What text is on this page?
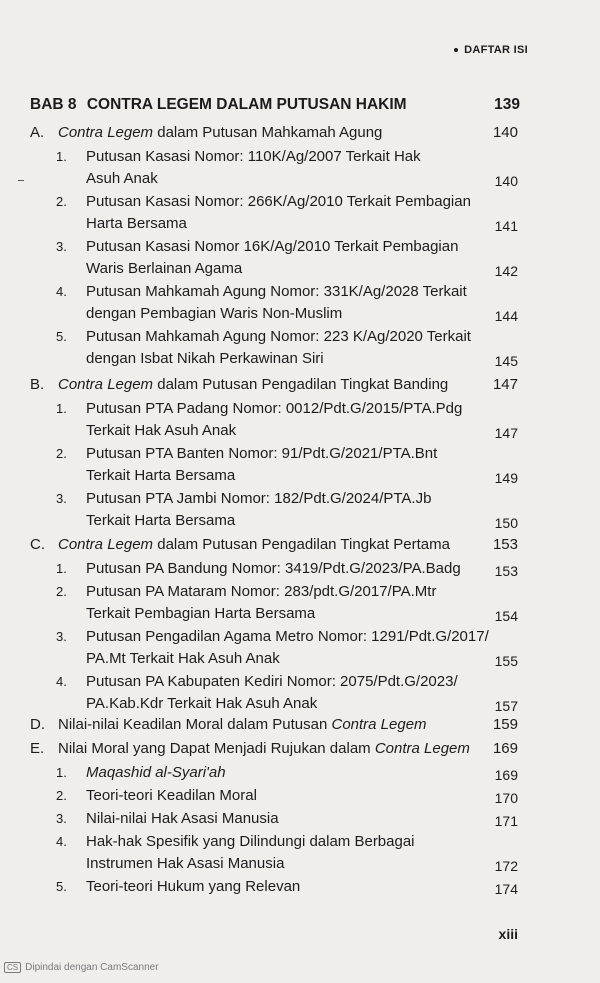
DAFTAR ISI
BAB 8 CONTRA LEGEM DALAM PUTUSAN HAKIM	139
A. Contra Legem dalam Putusan Mahkamah Agung	140
1. Putusan Kasasi Nomor: 110K/Ag/2007 Terkait Hak
Asuh Anak	140
2. Putusan Kasasi Nomor: 266K/Ag/2010 Terkait Pembagian
Harta Bersama	141
3. Putusan Kasasi Nomor 16K/Ag/2010 Terkait Pembagian
Waris Berlainan Agama	142
4. Putusan Mahkamah Agung Nomor: 331K/Ag/2028 Terkait
dengan Pembagian Waris Non-Muslim	144
5. Putusan Mahkamah Agung Nomor: 223 K/Ag/2020 Terkait
dengan Isbat Nikah Perkawinan Siri	145
B. Contra Legem dalam Putusan Pengadilan Tingkat Banding	147
1. Putusan PTA Padang Nomor: 0012/Pdt.G/2015/PTA.Pdg
Terkait Hak Asuh Anak	147
2. Putusan PTA Banten Nomor: 91/Pdt.G/2021/PTA.Bnt
Terkait Harta Bersama	149
3. Putusan PTA Jambi Nomor: 182/Pdt.G/2024/PTA.Jb
Terkait Harta Bersama	150
C. Contra Legem dalam Putusan Pengadilan Tingkat Pertama	153
1. Putusan PA Bandung Nomor: 3419/Pdt.G/2023/PA.Badg	153
2. Putusan PA Mataram Nomor: 283/pdt.G/2017/PA.Mtr
Terkait Pembagian Harta Bersama	154
3. Putusan Pengadilan Agama Metro Nomor: 1291/Pdt.G/2017/
PA.Mt Terkait Hak Asuh Anak	155
4. Putusan PA Kabupaten Kediri Nomor: 2075/Pdt.G/2023/
PA.Kab.Kdr Terkait Hak Asuh Anak	157
D. Nilai-nilai Keadilan Moral dalam Putusan Contra Legem	159
E. Nilai Moral yang Dapat Menjadi Rujukan dalam Contra Legem	169
1. Maqashid al-Syari'ah	169
2. Teori-teori Keadilan Moral	170
3. Nilai-nilai Hak Asasi Manusia	171
4. Hak-hak Spesifik yang Dilindungi dalam Berbagai
Instrumen Hak Asasi Manusia	172
5. Teori-teori Hukum yang Relevan	174
xiii
CS Dipindai dengan CamScanner
